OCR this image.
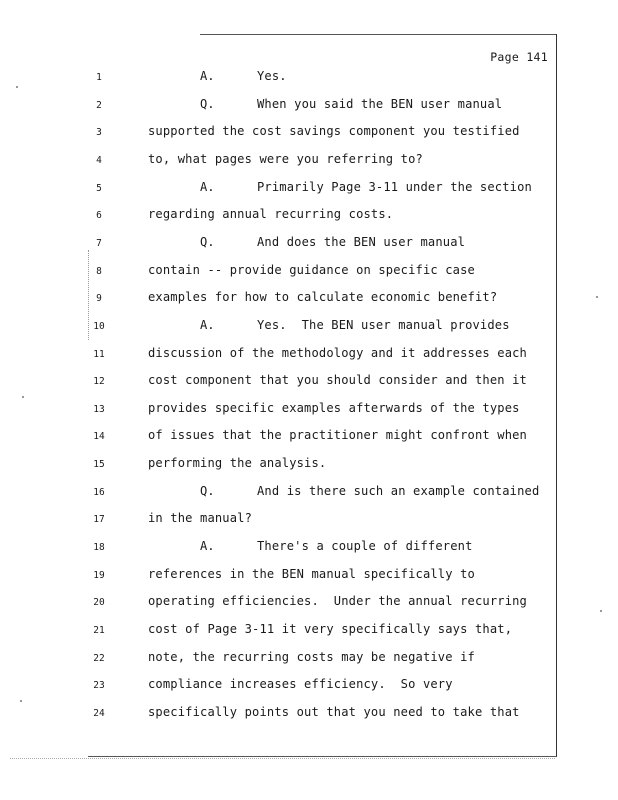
Page 141
1	A.	Yes.
2	Q.	When you said the BEN user manual
3	supported the cost savings component you testified
4	to, what pages were you referring to?
5	A.	Primarily Page 3-11 under the section
6	regarding annual recurring costs.
7	Q.	And does the BEN user manual
8	contain -- provide guidance on specific case
9	examples for how to calculate economic benefit?
10	A.	Yes.  The BEN user manual provides
11	discussion of the methodology and it addresses each
12	cost component that you should consider and then it
13	provides specific examples afterwards of the types
14	of issues that the practitioner might confront when
15	performing the analysis.
16	Q.	And is there such an example contained
17	in the manual?
18	A.	There's a couple of different
19	references in the BEN manual specifically to
20	operating efficiencies.  Under the annual recurring
21	cost of Page 3-11 it very specifically says that,
22	note, the recurring costs may be negative if
23	compliance increases efficiency.  So very
24	specifically points out that you need to take that
